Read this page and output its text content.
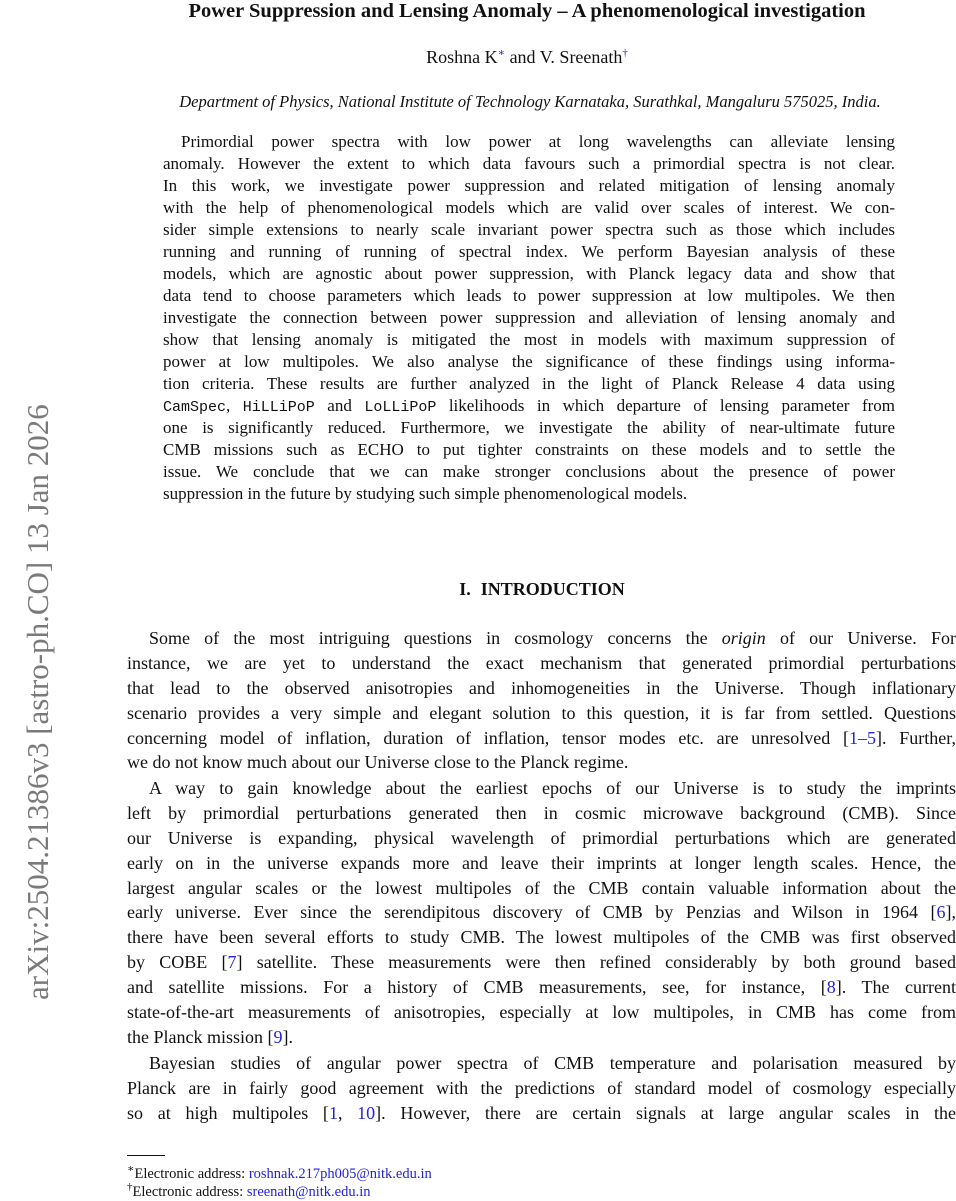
arXiv:2504.21386v3 [astro-ph.CO] 13 Jan 2026
Power Suppression and Lensing Anomaly – A phenomenological investigation
Roshna K∗ and V. Sreenath†
Department of Physics, National Institute of Technology Karnataka, Surathkal, Mangaluru 575025, India.
Primordial power spectra with low power at long wavelengths can alleviate lensing
anomaly. However the extent to which data favours such a primordial spectra is not clear.
In this work, we investigate power suppression and related mitigation of lensing anomaly
with the help of phenomenological models which are valid over scales of interest. We con-
sider simple extensions to nearly scale invariant power spectra such as those which includes
running and running of running of spectral index. We perform Bayesian analysis of these
models, which are agnostic about power suppression, with Planck legacy data and show that
data tend to choose parameters which leads to power suppression at low multipoles. We then
investigate the connection between power suppression and alleviation of lensing anomaly and
show that lensing anomaly is mitigated the most in models with maximum suppression of
power at low multipoles. We also analyse the significance of these findings using informa-
tion criteria. These results are further analyzed in the light of Planck Release 4 data using
CamSpec, HiLLiPoP and LoLLiPoP likelihoods in which departure of lensing parameter from
one is significantly reduced. Furthermore, we investigate the ability of near-ultimate future
CMB missions such as ECHO to put tighter constraints on these models and to settle the
issue. We conclude that we can make stronger conclusions about the presence of power
suppression in the future by studying such simple phenomenological models.
I. INTRODUCTION
Some of the most intriguing questions in cosmology concerns the origin of our Universe. For
instance, we are yet to understand the exact mechanism that generated primordial perturbations
that lead to the observed anisotropies and inhomogeneities in the Universe. Though inflationary
scenario provides a very simple and elegant solution to this question, it is far from settled. Questions
concerning model of inflation, duration of inflation, tensor modes etc. are unresolved [1–5]. Further,
we do not know much about our Universe close to the Planck regime.
A way to gain knowledge about the earliest epochs of our Universe is to study the imprints
left by primordial perturbations generated then in cosmic microwave background (CMB). Since
our Universe is expanding, physical wavelength of primordial perturbations which are generated
early on in the universe expands more and leave their imprints at longer length scales. Hence, the
largest angular scales or the lowest multipoles of the CMB contain valuable information about the
early universe. Ever since the serendipitous discovery of CMB by Penzias and Wilson in 1964 [6],
there have been several efforts to study CMB. The lowest multipoles of the CMB was first observed
by COBE [7] satellite. These measurements were then refined considerably by both ground based
and satellite missions. For a history of CMB measurements, see, for instance, [8]. The current
state-of-the-art measurements of anisotropies, especially at low multipoles, in CMB has come from
the Planck mission [9].
Bayesian studies of angular power spectra of CMB temperature and polarisation measured by
Planck are in fairly good agreement with the predictions of standard model of cosmology especially
so at high multipoles [1, 10]. However, there are certain signals at large angular scales in the
∗Electronic address: roshnak.217ph005@nitk.edu.in
†Electronic address: sreenath@nitk.edu.in
